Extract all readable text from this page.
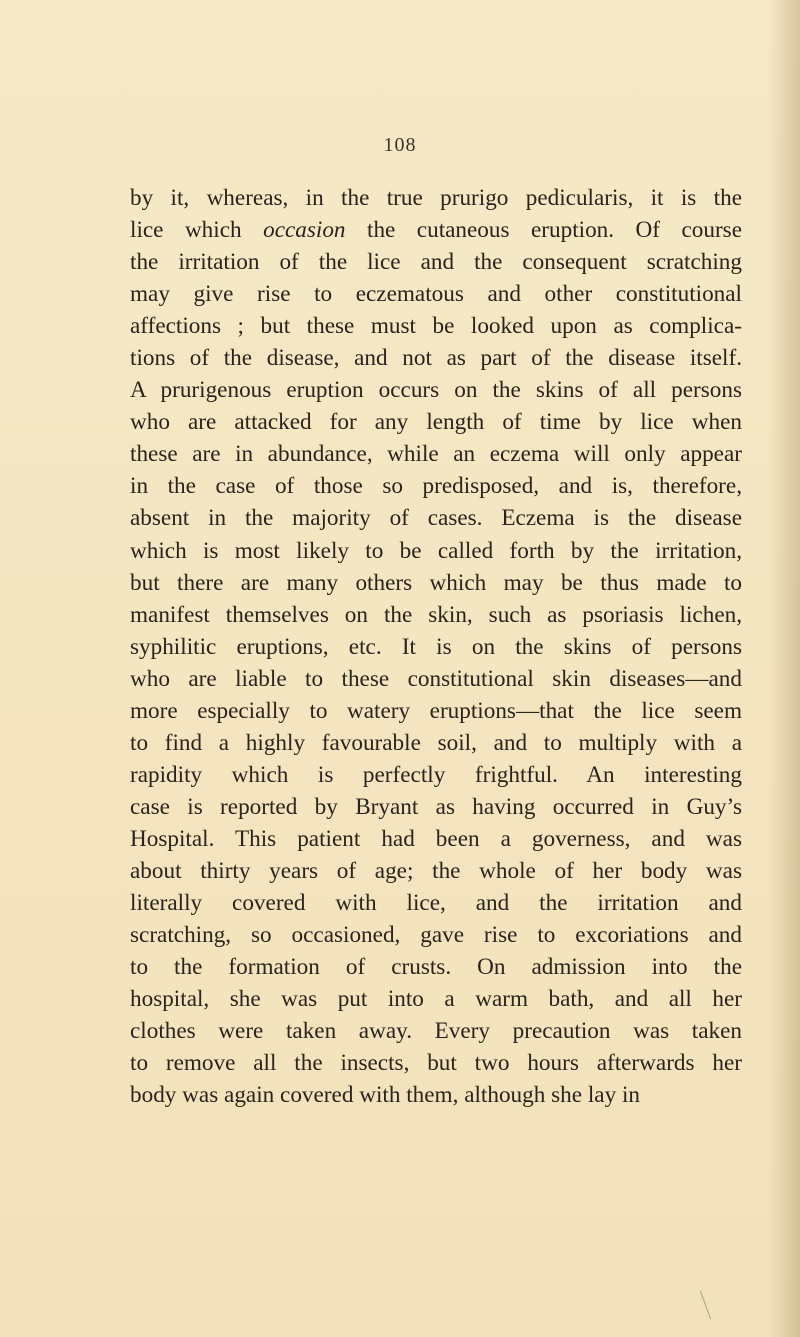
108
by it, whereas, in the true prurigo pedicularis, it is the
lice which occasion the cutaneous eruption. Of course
the irritation of the lice and the consequent scratching
may give rise to eczematous and other constitutional
affections ; but these must be looked upon as complica-
tions of the disease, and not as part of the disease itself.
A prurigenous eruption occurs on the skins of all persons
who are attacked for any length of time by lice when
these are in abundance, while an eczema will only appear
in the case of those so predisposed, and is, therefore,
absent in the majority of cases. Eczema is the disease
which is most likely to be called forth by the irritation,
but there are many others which may be thus made to
manifest themselves on the skin, such as psoriasis lichen,
syphilitic eruptions, etc. It is on the skins of persons
who are liable to these constitutional skin diseases—and
more especially to watery eruptions—that the lice seem
to find a highly favourable soil, and to multiply with a
rapidity which is perfectly frightful. An interesting
case is reported by Bryant as having occurred in Guy’s
Hospital. This patient had been a governess, and was
about thirty years of age; the whole of her body was
literally covered with lice, and the irritation and
scratching, so occasioned, gave rise to excoriations and
to the formation of crusts. On admission into the
hospital, she was put into a warm bath, and all her
clothes were taken away. Every precaution was taken
to remove all the insects, but two hours afterwards her
body was again covered with them, although she lay in
